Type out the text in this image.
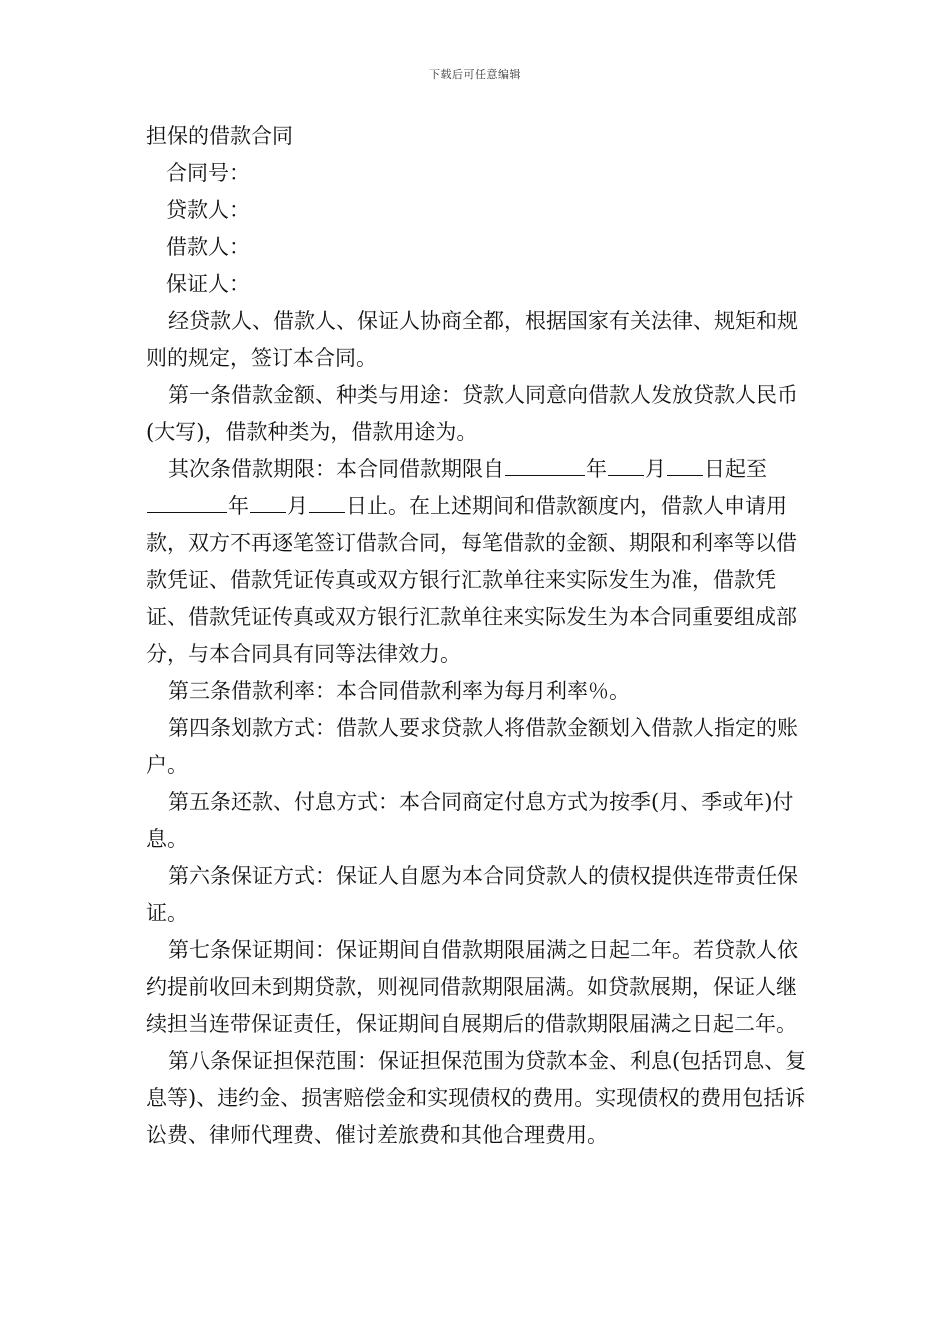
下载后可任意编辑

担保的借款合同

合同号：

贷款人：

借款人：

保证人：

经贷款人、借款人、保证人协商全都，根据国家有关法律、规矩和规则的规定，签订本合同。

第一条借款金额、种类与用途：贷款人同意向借款人发放贷款人民币(大写)，借款种类为，借款用途为。

其次条借款期限：本合同借款期限自	年 月 日起至年 月 日止。在上述期间和借款额度内，借款人申请用款，双方不再逐笔签订借款合同，每笔借款的金额、期限和利率等以借款凭证、借款凭证传真或双方银行汇款单往来实际发生为准，借款凭证、借款凭证传真或双方银行汇款单往来实际发生为本合同重要组成部分，与本合同具有同等法律效力。

第三条借款利率：本合同借款利率为每月利率％。

第四条划款方式：借款人要求贷款人将借款金额划入借款人指定的账户。

第五条还款、付息方式：本合同商定付息方式为按季(月、季或年)付息。

第六条保证方式：保证人自愿为本合同贷款人的债权提供连带责任保证。

第七条保证期间：保证期间自借款期限届满之日起二年。若贷款人依约提前收回未到期贷款，则视同借款期限届满。如贷款展期，保证人继续担当连带保证责任，保证期间自展期后的借款期限届满之日起二年。

第八条保证担保范围：保证担保范围为贷款本金、利息(包括罚息、复息等)、违约金、损害赔偿金和实现债权的费用。实现债权的费用包括诉讼费、律师代理费、催讨差旅费和其他合理费用。
